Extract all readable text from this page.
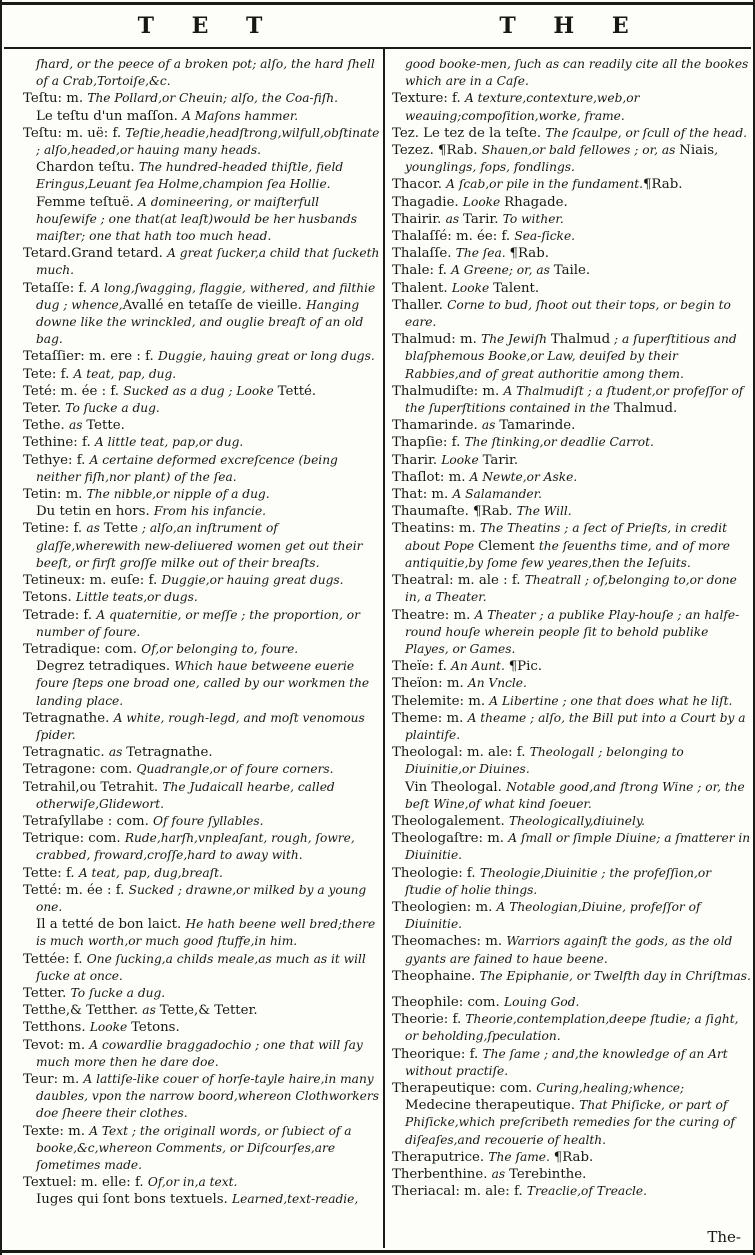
T E T	T H E

ſhard, or the peece of a broken pot; alſo, the hard ſhell of a Crab,Tortoiſe,&c.

Teſtu: m. The Pollard,or Cheuin; alſo, the Coa-fiſh.

Le teſtu d'un maſſon. A Maſons hammer.

Teſtu: m. uë: f. Teſtie,headie,headſtrong,wilfull,obſtinate ; alſo,headed,or hauing many heads.

Chardon teſtu. The hundred-headed thiſtle, field Eringus,Leuant ſea Holme,champion ſea Hollie.

Femme teſtuë. A domineering, or maiſterfull houſewife ; one that(at leaſt)would be her husbands maiſter; one that hath too much head.

Tetard.Grand tetard. A great ſucker,a child that ſucketh much.

Tetaſſe: f. A long,ſwagging, flaggie, withered, and filthie dug ; whence,Avallé en tetaſſe de vieille. Hanging downe like the wrinckled, and ouglie breaſt of an old bag.

Tetaſſier: m. ere : f. Duggie, hauing great or long dugs.

Tete: f. A teat, pap, dug.

Teté: m. ée : f. Sucked as a dug ; Looke Tetté.

Teter. To ſucke a dug.

Tethe. as Tette.

Tethine: f. A little teat, pap,or dug.

Tethye: f. A certaine deformed excreſcence (being neither fiſh,nor plant) of the ſea.

Tetin: m. The nibble,or nipple of a dug.

Du tetin en hors. From his infancie.

Tetine: f. as Tette ; alſo,an inſtrument of glaſſe,wherewith new-deliuered women get out their beeſt, or firſt groſſe milke out of their breaſts.

Tetineux: m. euſe: f. Duggie,or hauing great dugs.

Tetons. Little teats,or dugs.

Tetrade: f. A quaternitie, or meſſe ; the proportion, or number of foure.

Tetradique: com. Of,or belonging to, foure.

Degrez tetradiques. Which haue betweene euerie foure ſteps one broad one, called by our workmen the landing place.

Tetragnathe. A white, rough-legd, and moſt venomous ſpider.

Tetragnatic. as Tetragnathe.

Tetragone: com. Quadrangle,or of foure corners.

Tetrahil,ou Tetrahit. The Judaicall hearbe, called otherwiſe,Glidewort.

Tetraſyllabe : com. Of foure ſyllables.

Tetrique: com. Rude,harſh,vnpleaſant, rough, ſowre, crabbed, froward,croſſe,hard to away with.

Tette: f. A teat, pap, dug,breaſt.

Tetté: m. ée : f. Sucked ; drawne,or milked by a young one.

Il a tetté de bon laict. He hath beene well bred;there is much worth,or much good ſtuffe,in him.

Tettée: f. One ſucking,a childs meale,as much as it will ſucke at once.

Tetter. To ſucke a dug.

Tetthe,& Tetther. as Tette,& Tetter.

Tetthons. Looke Tetons.

Tevot: m. A cowardlie braggadochio ; one that will ſay much more then he dare doe.

Teur: m. A lattiſe-like couer of horſe-tayle haire,in many daubles, vpon the narrow boord,whereon Clothworkers doe ſheere their clothes.

Texte: m. A Text ; the originall words, or ſubiect of a booke,&c,whereon Comments, or Diſcourſes,are ſometimes made.

Textuel: m. elle: f. Of,or in,a text.

Iuges qui ſont bons textuels. Learned,text-readie,

good booke-men, ſuch as can readily cite all the bookes which are in a Caſe.

Texture: f. A texture,contexture,web,or weauing;compoſition,worke, frame.

Tez. Le tez de la teſte. The ſcaulpe, or ſcull of the head.

Tezez. ¶Rab. Shauen,or bald fellowes ; or, as Niais, younglings, fops, fondlings.

Thacor. A ſcab,or pile in the fundament.¶Rab.

Thagadie. Looke Rhagade.

Thairir. as Tarir. To wither.

Thalaſſé: m. ée: f. Sea-ſicke.

Thalaſſe. The ſea. ¶Rab.

Thale: f. A Greene; or, as Taile.

Thalent. Looke Talent.

Thaller. Corne to bud, ſhoot out their tops, or begin to eare.

Thalmud: m. The Jewiſh Thalmud ; a ſuperſtitious and blaſphemous Booke,or Law, deuiſed by their Rabbies,and of great authoritie among them.

Thalmudiſte: m. A Thalmudiſt ; a ſtudent,or profeſſor of the ſuperſtitions contained in the Thalmud.

Thamarinde. as Tamarinde.

Thapſie: f. The ſtinking,or deadlie Carrot.

Tharir. Looke Tarir.

Thaſlot: m. A Newte,or Aske.

That: m. A Salamander.

Thaumaſte. ¶Rab. The Will.

Theatins: m. The Theatins ; a ſect of Prieſts, in credit about Pope Clement the ſeuenths time, and of more antiquitie,by ſome few yeares,then the Ieſuits.

Theatral: m. ale : f. Theatrall ; of,belonging to,or done in, a Theater.

Theatre: m. A Theater ; a publike Play-houſe ; an halfe-round houſe wherein people ſit to behold publike Playes, or Games.

Theïe: f. An Aunt. ¶Pic.

Theïon: m. An Vncle.

Thelemite: m. A Libertine ; one that does what he liſt.

Theme: m. A theame ; alſo, the Bill put into a Court by a plaintife.

Theologal: m. ale: f. Theologall ; belonging to Diuinitie,or Diuines.

Vin Theologal. Notable good,and ſtrong Wine ; or, the beſt Wine,of what kind ſoeuer.

Theologalement. Theologically,diuinely.

Theologaſtre: m. A ſmall or ſimple Diuine; a ſmatterer in Diuinitie.

Theologie: f. Theologie,Diuinitie ; the profeſſion,or ſtudie of holie things.

Theologien: m. A Theologian,Diuine, profeſſor of Diuinitie.

Theomaches: m. Warriors againſt the gods, as the old gyants are fained to haue beene.

Theophaine. The Epiphanie, or Twelfth day in Chriſtmas.

Theophile: com. Louing God.

Theorie: f. Theorie,contemplation,deepe ſtudie; a ſight, or beholding,ſpeculation.

Theorique: f. The ſame ; and,the knowledge of an Art without practiſe.

Therapeutique: com. Curing,healing;whence;

Medecine therapeutique. That Phiſicke, or part of Phiſicke,which preſcribeth remedies for the curing of diſeaſes,and recouerie of health.

Theraputrice. The ſame. ¶Rab.

Therbenthine. as Terebinthe.

Theriacal: m. ale: f. Treaclie,of Treacle.

The-
